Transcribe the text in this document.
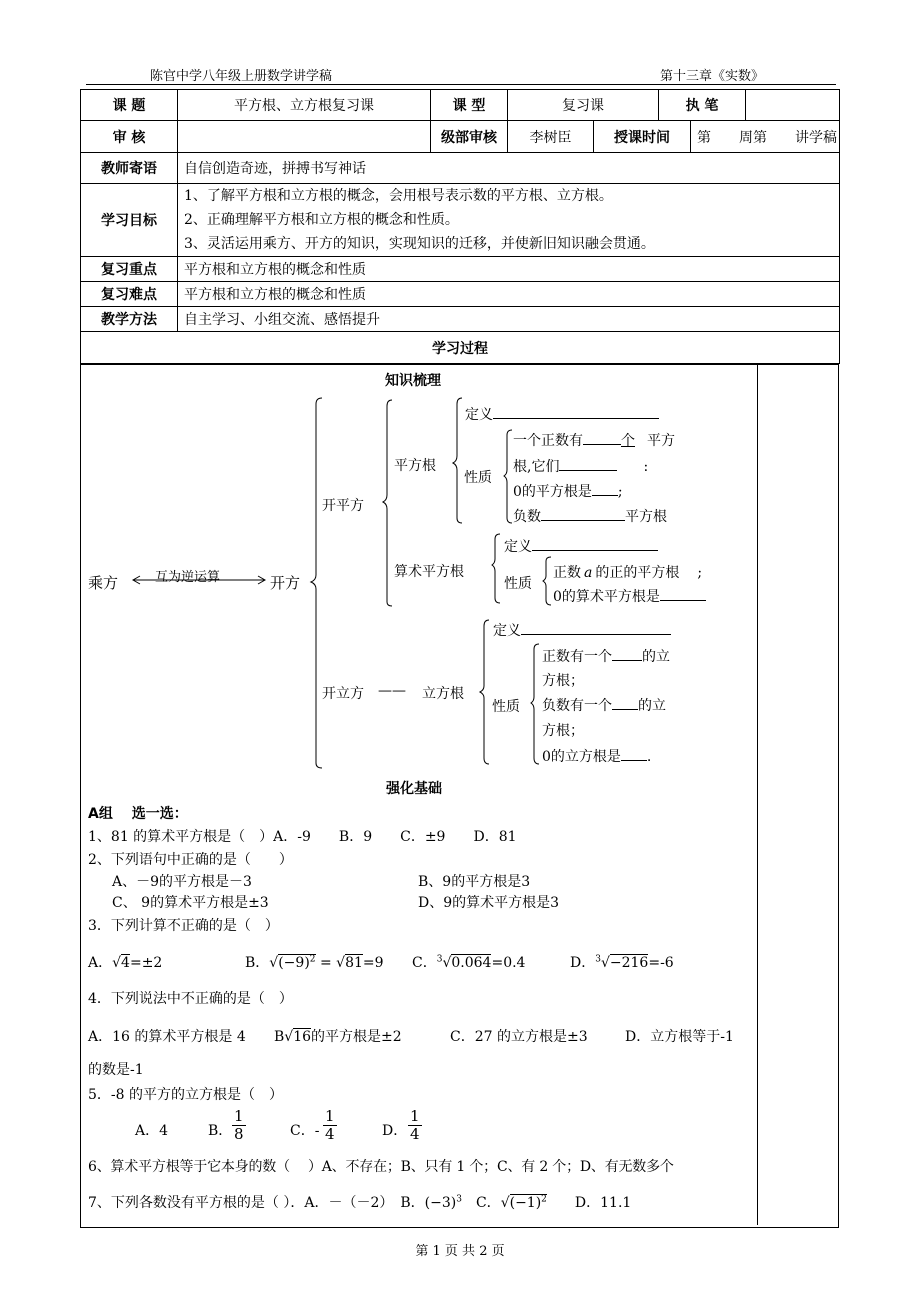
陈官中学八年级上册数学讲学稿	第十三章《实数》
课 题	平方根、立方根复习课	课 型	复习课		执 笔		
审 核		级部审核	李树臣	授课时间		第　　周第　　讲学稿	
教师寄语	自信创造奇迹，拼搏书写神话						
学习目标	1、了解平方根和立方根的概念，会用根号表示数的平方根、立方根。
2、正确理解平方根和立方根的概念和性质。
3、灵活运用乘方、开方的知识，实现知识的迁移，并使新旧知识融会贯通。						

复习重点	平方根和立方根的概念和性质						
复习难点	平方根和立方根的概念和性质						
教学方法	自主学习、小组交流、感悟提升						
学习过程							
知识梳理
乘方	互为逆运算	开方
开平方
开立方 —— 立方根
平方根
算术平方根
定义
性质
一个正数有	个 平方
根,它们	:
0的平方根是 ;
负数	平方根
定义
性质
正数 a 的正的平方根 ;
0的算术平方根是
定义
性质
正数有一个 的立
方根；
负数有一个 的立
方根；
0的立方根是 .
强化基础
A组　 选一选：
1、81 的算术平方根是（　）A．-9　　B．9　　C．±9　　D．81
2、下列语句中正确的是（　　）
A、－9的平方根是－3	B、9的平方根是3
C、 9的算术平方根是±3	D、9的算术平方根是3
3．下列计算不正确的是（　）
A．√4=±2	B．$√(-9)^2 = √81=9$ C．$^3$√0.064=0.4	D．$^3$√−216=-6
4．下列说法中不正确的是（　）
A．16 的算术平方根是 4 B√16的平方根是±2	C．27 的立方根是±3	D．立方根等于-1
的数是-1
5．-8 的平方的立方根是（　）
A．4	B． $\frac{1}{8}$	C．- $\frac{1}{4}$	D． $\frac{1}{4}$
6、算术平方根等于它本身的数（　 ）A、不存在；B、只有 1 个；C、有 2 个；D、有无数多个
7、下列各数没有平方根的是（ ）．A．－（－2）　B．$(-3)^3$ C．$√(-1)^2$ D．11.1
第 1 页 共 2 页
